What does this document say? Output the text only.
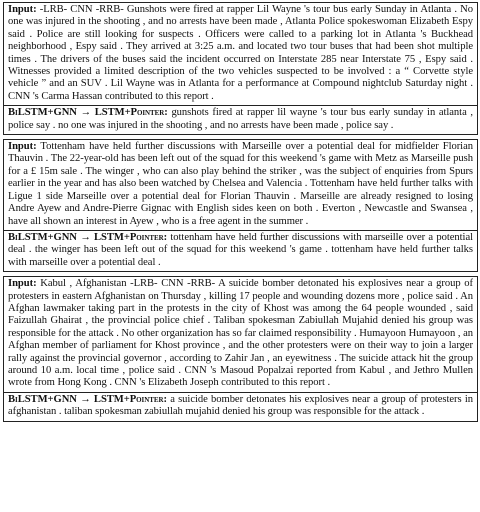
Input: -LRB- CNN -RRB- Gunshots were fired at rapper Lil Wayne 's tour bus early Sunday in Atlanta . No one was injured in the shooting , and no arrests have been made , Atlanta Police spokeswoman Elizabeth Espy said . Police are still looking for suspects . Officers were called to a parking lot in Atlanta 's Buckhead neighborhood , Espy said . They arrived at 3:25 a.m. and located two tour buses that had been shot multiple times . The drivers of the buses said the incident occurred on Interstate 285 near Interstate 75 , Espy said . Witnesses provided a limited description of the two vehicles suspected to be involved : a “ Corvette style vehicle ” and an SUV . Lil Wayne was in Atlanta for a performance at Compound nightclub Saturday night . CNN 's Carma Hassan contributed to this report .
BiLSTM+GNN → LSTM+Pointer: gunshots fired at rapper lil wayne 's tour bus early sunday in atlanta , police say . no one was injured in the shooting , and no arrests have been made , police say .
Input: Tottenham have held further discussions with Marseille over a potential deal for midfielder Florian Thauvin . The 22-year-old has been left out of the squad for this weekend 's game with Metz as Marseille push for a £ 15m sale . The winger , who can also play behind the striker , was the subject of enquiries from Spurs earlier in the year and has also been watched by Chelsea and Valencia . Tottenham have held further talks with Ligue 1 side Marseille over a potential deal for Florian Thauvin . Marseille are already resigned to losing Andre Ayew and Andre-Pierre Gignac with English sides keen on both . Everton , Newcastle and Swansea , have all shown an interest in Ayew , who is a free agent in the summer .
BiLSTM+GNN → LSTM+Pointer: tottenham have held further discussions with marseille over a potential deal . the winger has been left out of the squad for this weekend 's game . tottenham have held further talks with marseille over a potential deal .
Input: Kabul , Afghanistan -LRB- CNN -RRB- A suicide bomber detonated his explosives near a group of protesters in eastern Afghanistan on Thursday , killing 17 people and wounding dozens more , police said . An Afghan lawmaker taking part in the protests in the city of Khost was among the 64 people wounded , said Faizullah Ghairat , the provincial police chief . Taliban spokesman Zabiullah Mujahid denied his group was responsible for the attack . No other organization has so far claimed responsibility . Humayoon Humayoon , an Afghan member of parliament for Khost province , and the other protesters were on their way to join a larger rally against the provincial governor , according to Zahir Jan , an eyewitness . The suicide attack hit the group around 10 a.m. local time , police said . CNN 's Masoud Popalzai reported from Kabul , and Jethro Mullen wrote from Hong Kong . CNN 's Elizabeth Joseph contributed to this report .
BiLSTM+GNN → LSTM+Pointer: a suicide bomber detonates his explosives near a group of protesters in afghanistan . taliban spokesman zabiullah mujahid denied his group was responsible for the attack .
